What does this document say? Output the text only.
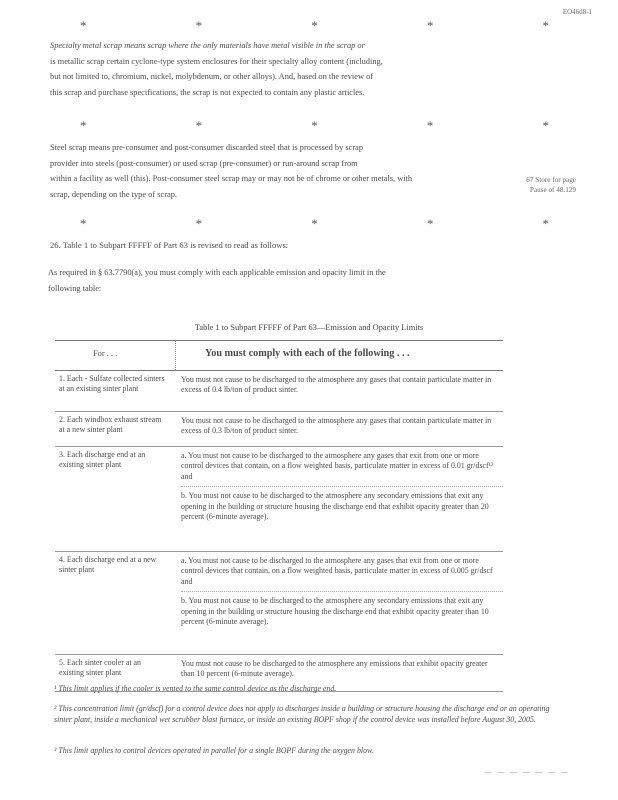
EO46d8-1
*	*	*	*	*
Specialty metal scrap means scrap where the only materials have metal visible in the scrap or
is metallic scrap certain cyclone-type system enclosures for their specialty alloy content (including,
but not limited to, chromium, nickel, molybdenum, or other alloys). And, based on the review of
this scrap and purchase specifications, the scrap is not expected to contain any plastic articles.
*	*	*	*	*
Steel scrap means pre-consumer and post-consumer discarded steel that is processed by scrap
provider into steels (post-consumer) or used scrap (pre-consumer) or run-around scrap from
within a facility as well (this). Post-consumer steel scrap may or may not be of chrome or other metals, with
scrap, depending on the type of scrap.
67 Store for page
Pause of 48.129
*	*	*	*	*
26. Table 1 to Subpart FFFFF of Part 63 is revised to read as follows:
As required in § 63.7790(a), you must comply with each applicable emission and opacity limit in the
following table:
Table 1 to Subpart FFFFF of Part 63—Emission and Opacity Limits
For . . .	You must comply with each of the following . . .
1. Each - Sulfate collected sinters at an existing sinter plant
You must not cause to be discharged to the atmosphere any gases that contain particulate matter in excess of 0.4 lb/ton of product sinter.
2. Each windbox exhaust stream at a new sinter plant
You must not cause to be discharged to the atmosphere any gases that contain particulate matter in excess of 0.3 lb/ton of product sinter.
3. Each discharge end at an existing sinter plant
a. You must not cause to be discharged to the atmosphere any gases that exit from one or more control devices that contain, on a flow weighted basis, particulate matter in excess of 0.01 gr/dscf¹² and
b. You must not cause to be discharged to the atmosphere any secondary emissions that exit any opening in the building or structure housing the discharge end that exhibit opacity greater than 20 percent (6-minute average).
4. Each discharge end at a new sinter plant
a. You must not cause to be discharged to the atmosphere any gases that exit from one or more control devices that contain, on a flow weighted basis, particulate matter in excess of 0.005 gr/dscf and
b. You must not cause to be discharged to the atmosphere any secondary emissions that exit any opening in the building or structure housing the discharge end that exhibit opacity greater than 10 percent (6-minute average).
5. Each sinter cooler at an existing sinter plant
You must not cause to be discharged to the atmosphere any emissions that exhibit opacity greater than 10 percent (6-minute average).
¹ This limit applies if the cooler is vented to the same control device as the discharge end.
² This concentration limit (gr/dscf) for a control device does not apply to discharges inside a building or structure housing the discharge end or an operating sinter plant, inside a mechanical wet scrubber blast furnace, or inside an existing BOPF shop if the control device was installed before August 30, 2005.
³ This limit applies to control devices operated in parallel for a single BOPF during the oxygen blow.
— — — — — — —
